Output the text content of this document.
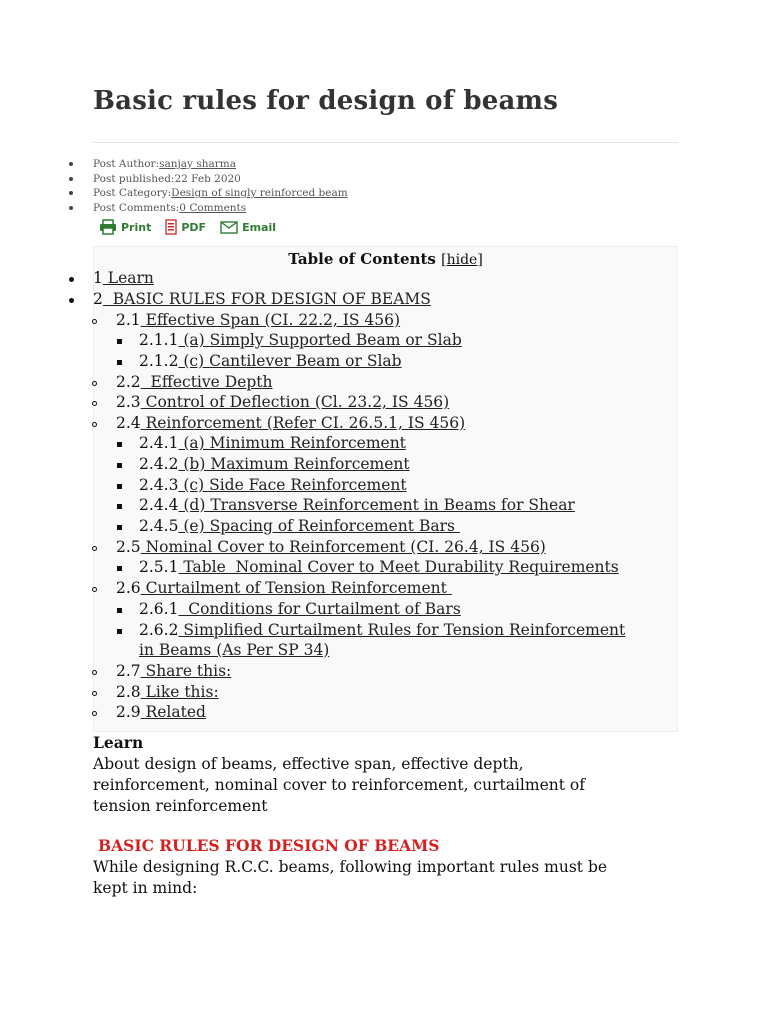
Basic rules for design of beams
Post Author:sanjay sharma
Post published:22 Feb 2020
Post Category:Design of singly reinforced beam
Post Comments:0 Comments
Print	PDF	Email
Table of Contents [hide]
1 Learn
2  BASIC RULES FOR DESIGN OF BEAMS
2.1 Effective Span (CI. 22.2, IS 456)
2.1.1 (a) Simply Supported Beam or Slab
2.1.2 (c) Cantilever Beam or Slab
2.2  Effective Depth
2.3 Control of Deflection (Cl. 23.2, IS 456)
2.4 Reinforcement (Refer CI. 26.5.1, IS 456)
2.4.1 (a) Minimum Reinforcement
2.4.2 (b) Maximum Reinforcement
2.4.3 (c) Side Face Reinforcement
2.4.4 (d) Transverse Reinforcement in Beams for Shear
2.4.5 (e) Spacing of Reinforcement Bars
2.5 Nominal Cover to Reinforcement (CI. 26.4, IS 456)
2.5.1 Table  Nominal Cover to Meet Durability Requirements
2.6 Curtailment of Tension Reinforcement
2.6.1  Conditions for Curtailment of Bars
2.6.2 Simplified Curtailment Rules for Tension Reinforcement
in Beams (As Per SP 34)
2.7 Share this:
2.8 Like this:
2.9 Related
Learn
About design of beams, effective span, effective depth,
reinforcement, nominal cover to reinforcement, curtailment of
tension reinforcement
BASIC RULES FOR DESIGN OF BEAMS
While designing R.C.C. beams, following important rules must be
kept in mind:
